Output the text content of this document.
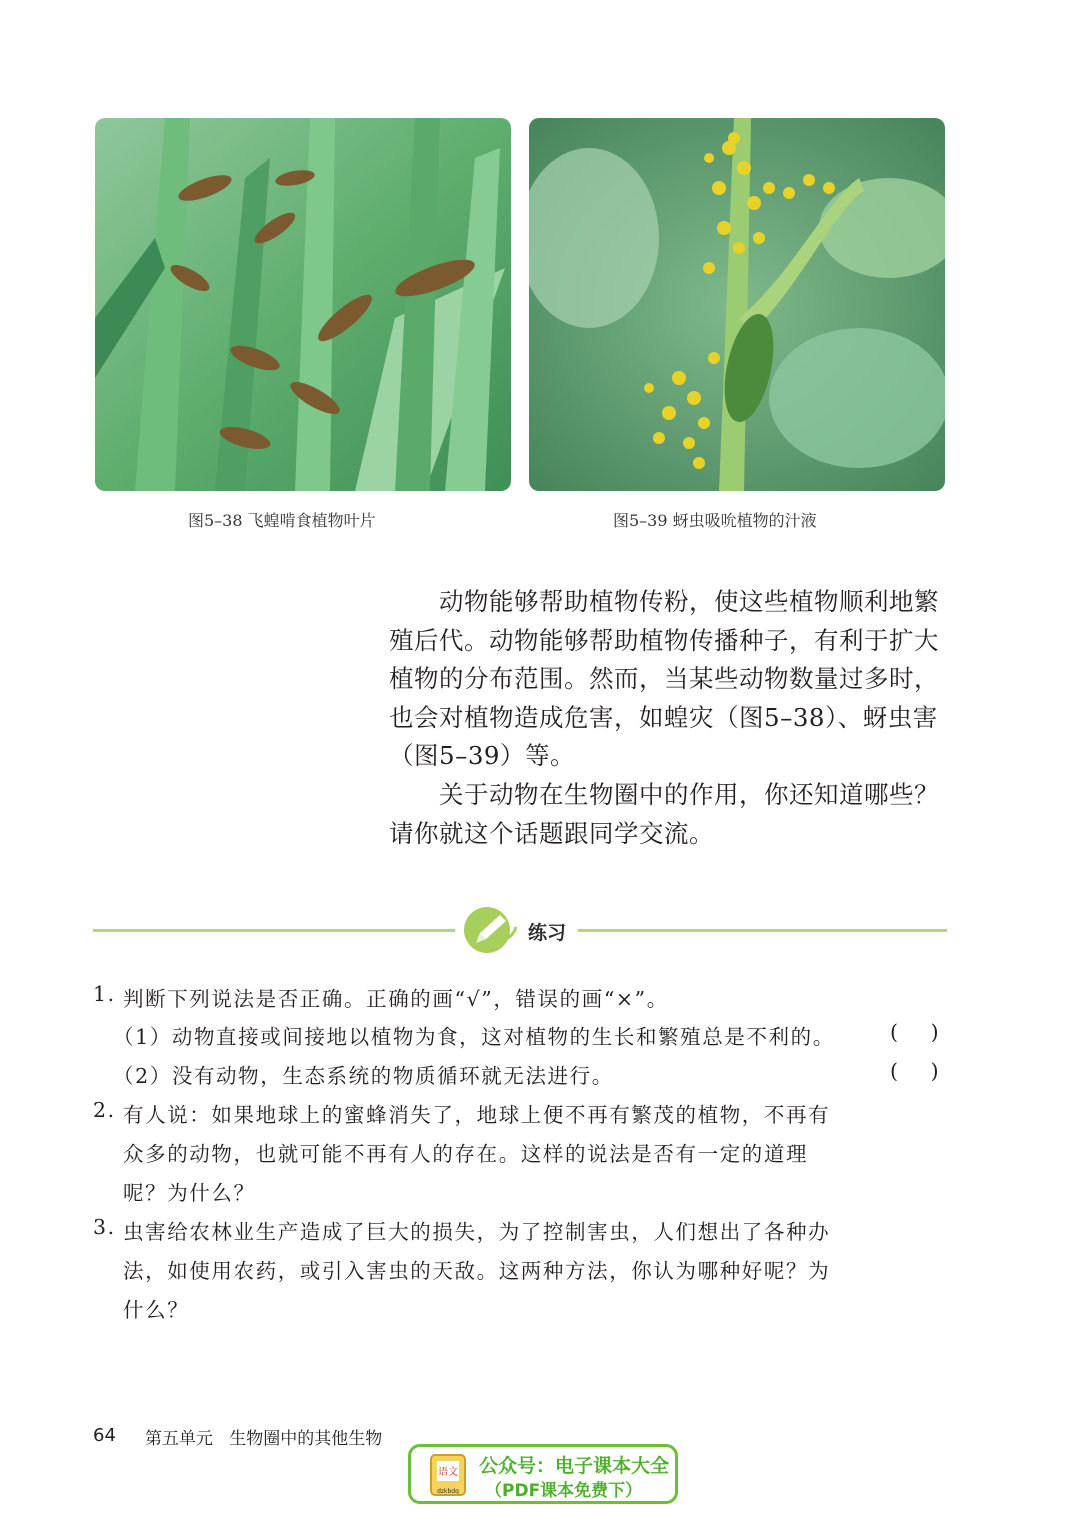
图5–38 飞蝗啃食植物叶片	图5–39 蚜虫吸吮植物的汁液
动物能够帮助植物传粉，使这些植物顺利地繁
殖后代。动物能够帮助植物传播种子，有利于扩大
植物的分布范围。然而，当某些动物数量过多时，
也会对植物造成危害，如蝗灾（图5–38）、蚜虫害
（图5–39）等。
关于动物在生物圈中的作用，你还知道哪些？
请你就这个话题跟同学交流。
练习
1. 判断下列说法是否正确。正确的画“√”，错误的画“×”。
（1）动物直接或间接地以植物为食，这对植物的生长和繁殖总是不利的。	(     )
（2）没有动物，生态系统的物质循环就无法进行。	(     )
2. 有人说：如果地球上的蜜蜂消失了，地球上便不再有繁茂的植物，不再有
众多的动物，也就可能不再有人的存在。这样的说法是否有一定的道理
呢？为什么？
3. 虫害给农林业生产造成了巨大的损失，为了控制害虫，人们想出了各种办
法，如使用农药，或引入害虫的天敌。这两种方法，你认为哪种好呢？为
什么？
64 第五单元   生物圈中的其他生物
语文
dzkbdq
公众号：电子课本大全
（PDF课本免费下）
